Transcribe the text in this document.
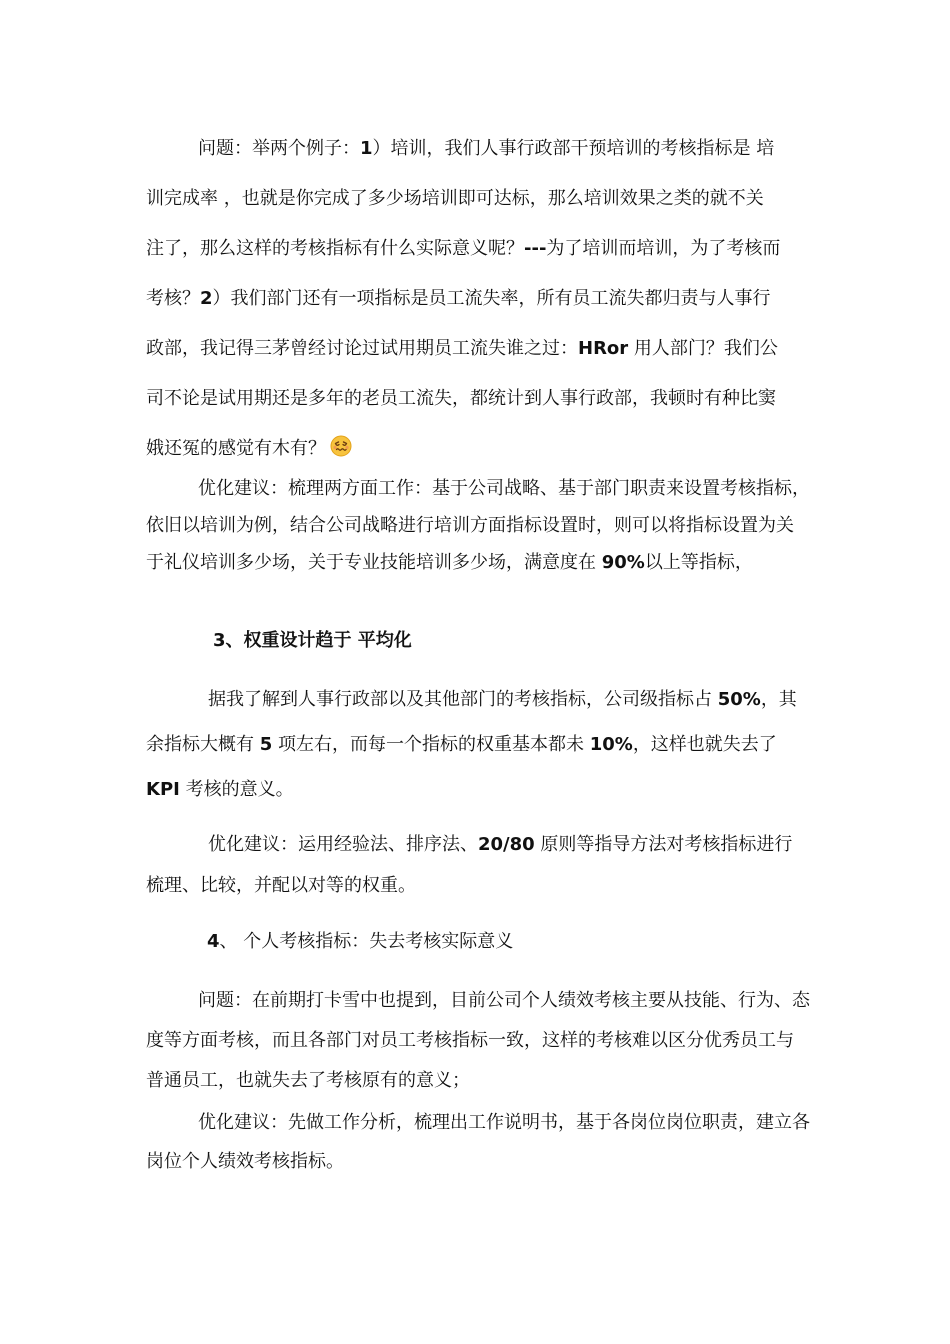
问题：举两个例子：1）培训，我们人事行政部干预培训的考核指标是 培
训完成率 ，也就是你完成了多少场培训即可达标，那么培训效果之类的就不关
注了，那么这样的考核指标有什么实际意义呢？---为了培训而培训，为了考核而
考核？2）我们部门还有一项指标是员工流失率，所有员工流失都归责与人事行
政部，我记得三茅曾经讨论过试用期员工流失谁之过：HRor 用人部门？我们公
司不论是试用期还是多年的老员工流失，都统计到人事行政部，我顿时有种比窦
娥还冤的感觉有木有？

优化建议：梳理两方面工作：基于公司战略、基于部门职责来设置考核指标，依旧以培训为例，结合公司战略进行培训方面指标设置时，则可以将指标设置为关于礼仪培训多少场，关于专业技能培训多少场，满意度在 90%以上等指标，

3、权重设计趋于 平均化

据我了解到人事行政部以及其他部门的考核指标，公司级指标占 50%，其余指标大概有 5 项左右，而每一个指标的权重基本都未 10%，这样也就失去了 KPI 考核的意义。

优化建议：运用经验法、排序法、20/80 原则等指导方法对考核指标进行梳理、比较，并配以对等的权重。

4、 个人考核指标：失去考核实际意义

问题：在前期打卡雪中也提到，目前公司个人绩效考核主要从技能、行为、态度等方面考核，而且各部门对员工考核指标一致，这样的考核难以区分优秀员工与普通员工，也就失去了考核原有的意义；

优化建议：先做工作分析，梳理出工作说明书，基于各岗位岗位职责，建立各岗位个人绩效考核指标。
